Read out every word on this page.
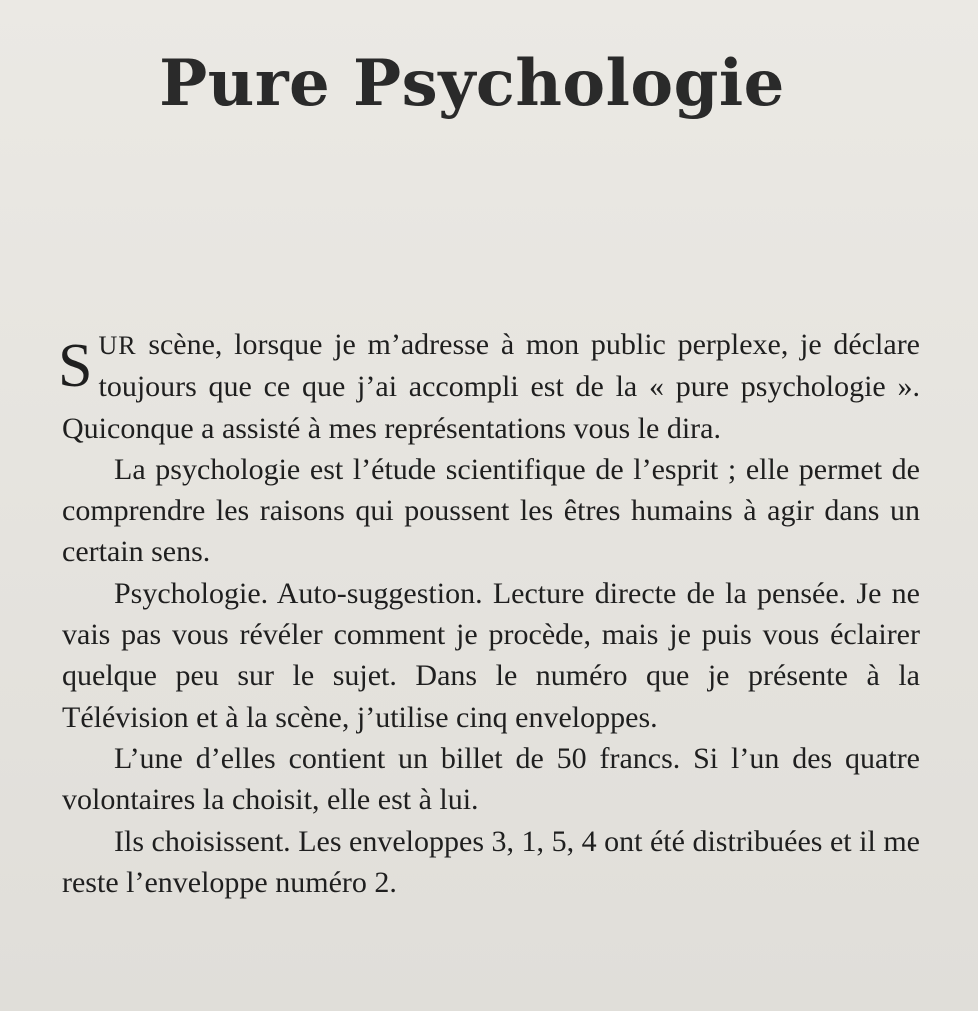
Pure Psychologie

SUR scène, lorsque je m’adresse à mon public perplexe, je déclare toujours que ce que j’ai accompli est de la « pure psychologie ». Quiconque a assisté à mes représentations vous le dira.

La psychologie est l’étude scientifique de l’esprit ; elle permet de comprendre les raisons qui poussent les êtres humains à agir dans un certain sens.

Psychologie. Auto-suggestion. Lecture directe de la pensée. Je ne vais pas vous révéler comment je procède, mais je puis vous éclairer quelque peu sur le sujet. Dans le numéro que je présente à la Télévision et à la scène, j’utilise cinq enveloppes.

L’une d’elles contient un billet de 50 francs. Si l’un des quatre volontaires la choisit, elle est à lui.

Ils choisissent. Les enveloppes 3, 1, 5, 4 ont été distribuées et il me reste l’enveloppe numéro 2.
